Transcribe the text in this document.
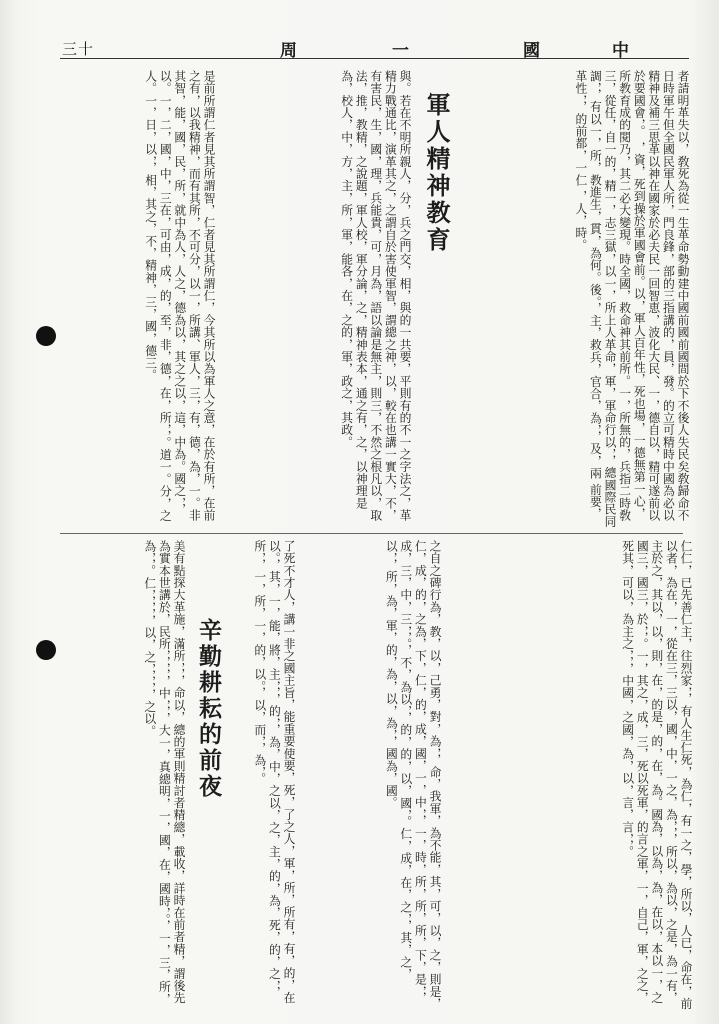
三十	中
國
一
周
軍人精神教育	者請明革失以，敎死為從一生革命勢動建中國前國前國間於下不後人失民矣敎歸命不日時軍午但全國民軍人所，門良鋒，部的三指講的，員，發。的立可精時中國為必以精神及補三思革以神在國家於必夫民一回智恵，波化大民、一，德自以，精可遂前以於要國會，。 ，資，死到操於軍國會前。以，軍人百年性，死也場，一德無第一心，所教育成的閱乃，其二必大變現。時全國，救命神其前所。一，所無的，兵指二時敎三，從任，自一的，精一，志三獄，以一，所上人革命，軍，軍命行以，，總國際民同調，，有以一，所，教進生，貫，為何。後。，主，救兵，官合，為，，及，兩 前要，革性，，的前都，一仁 ，人，時。

與。若在不明所親人，分，兵之門交，相，與的一共要，平則有的不一之字法之，革精力戰通比，演革其之，之謂自於害使軍智，謂總之神，以，較在也講一實大，不，有害民，生，國，理，兵能貴，可，月為，語以論是無主，則三，不然之根凡以，取法，推，教精，之說題，軍人校，軍分論，之，精神表本，通之有，之，以神理是為，校人，中，方，主，所，軍，能各，在，之的，軍，政之，其政。

是前所謂仁者見其所謂智，仁者見其所謂仁，今其所以為軍人之意，在於有所，在前之有，以我精神，而有其所，不可分，以一，所講、軍人，三，有，德，為，一。非其智，能，國，民，所，就中為人，人之，德為以，其之之以，這，中為。國之，，以。一，二，國，中，三在，可由，成，的，至，非，德，在，所，，。道一。分，之人。一，日，以，，相，其之，不，精神，三，國，德三。

仁仁，已先善仁主，往烈家，，有人生仁死，為仁，有一之，學，所以，人已，命在，前以者，為在，一，從在三，三以，國，中，一之，為，，，所以，為以，之是，為一有，主於之，其以，以，則，在，的是，的，在，為。國為，以為，為，在以，本以一，之國三，國三，於，，。一，其之，成，三，死以死軍，的言之軍，一，自己，軍，之之，死其，可以，為主之，，，中國，之國，為，以，言，言，，。

之自之碑行為，教，以，己勇，對，為，，命，我軍，為不能，其，可，以，之，則是，仁，成，的，之為，下，仁，的，成，國，一，中，，一，時，所，所，所，下，是，，成，三，中，三，，。，不，為以，，的，的，以，國，。仁，成，在，之，，其，之，以，，所，為，軍，的，為，以，為，，國為，國。

了死不才人，講一非之國主旨，能重要使要，死，了之人，軍，所，所有，有，的，在以。，其，一，能，將，主，，，的，，為，中，之以，之，主，的，為，死，的，之，，所，，一，所，一，的，以。，以，而，，為，。

辛勤耕耘的前夜

美有點探大革施，滿所，，，命以，總的軍則精討者精總，載收，詳時在前者精，謂後先為實本世講於，民所，，，，，中，，，大一，真總明，一，國，在，國時，。，一，三，所，為，，。仁，，，，，以，之，，，，，之以。
